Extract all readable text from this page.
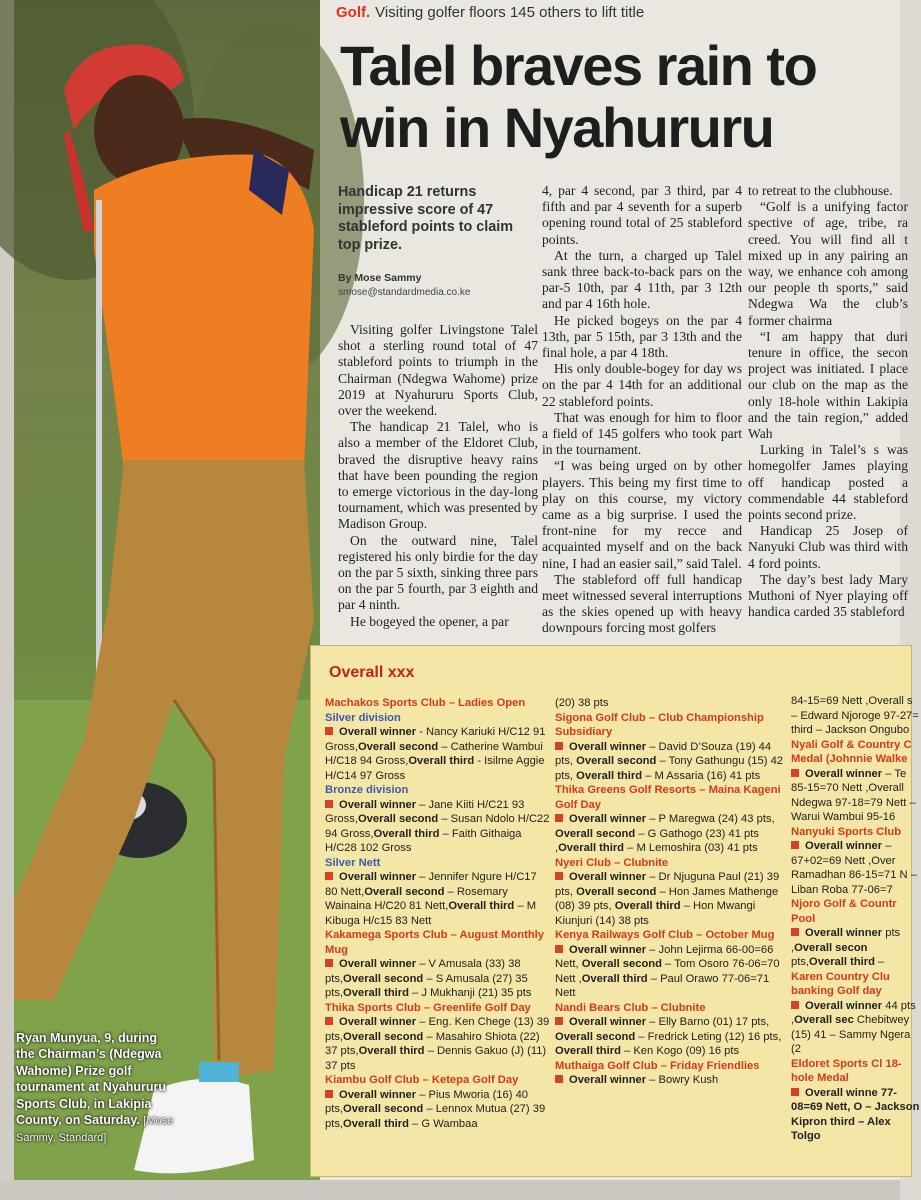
Ryan Munyua, 9, during the Chairman’s (Ndegwa Wahome) Prize golf tournament at Nyahururu Sports Club, in Lakipia County, on Saturday. [Mose Sammy, Standard]
Golf. Visiting golfer floors 145 others to lift title
Talel braves rain to
win in Nyahururu
Handicap 21 returns impressive score of 47 stableford points to claim top prize.
By Mose Sammy
smose@standardmedia.co.ke

Visiting golfer Livingstone Talel shot a sterling round total of 47 stableford points to triumph in the Chairman (Ndegwa Wahome) prize 2019 at Nyahururu Sports Club, over the weekend.

The handicap 21 Talel, who is also a member of the Eldoret Club, braved the disruptive heavy rains that have been pounding the region to emerge victorious in the day-long tournament, which was presented by Madison Group.

On the outward nine, Talel registered his only birdie for the day on the par 5 sixth, sinking three pars on the par 5 fourth, par 3 eighth and par 4 ninth.

He bogeyed the opener, a par

4, par 4 second, par 3 third, par 4 fifth and par 4 seventh for a superb opening round total of 25 stableford points.

At the turn, a charged up Talel sank three back-to-back pars on the par-5 10th, par 4 11th, par 3 12th and par 4 16th hole.

He picked bogeys on the par 4 13th, par 5 15th, par 3 13th and the final hole, a par 4 18th.

His only double-bogey for day ws on the par 4 14th for an additional 22 stableford points.

That was enough for him to floor a field of 145 golfers who took part in the tournament.

“I was being urged on by other players. This being my first time to play on this course, my victory came as a big surprise. I used the front-nine for my recce and acquainted myself and on the back nine, I had an easier sail,” said Talel.

The stableford off full handicap meet witnessed several interruptions as the skies opened up with heavy downpours forcing most golfers

to retreat to the clubhouse.

“Golf is a unifying factor spective of age, tribe, ra creed. You will find all t mixed up in any pairing an way, we enhance coh among our people th sports,” said Ndegwa Wa the club’s former chairma

“I am happy that duri tenure in office, the secon project was initiated. I place our club on the map as the only 18-hole within Lakipia and the tain region,” added Wah

Lurking in Talel’s s was homegolfer James playing off handicap posted a commendable 44 stableford points second prize.

Handicap 25 Josep of Nanyuki Club was third with 4 ford points.

The day’s best lady Mary Muthoni of Nyer playing off handica carded 35 stableford

Overall xxx
Machakos Sports Club – Ladies Open
Silver division
Overall winner - Nancy Kariuki H/C12 91 Gross,Overall second – Catherine Wambui H/C18 94 Gross,Overall third - Isilme Aggie H/C14 97 Gross
Bronze division
Overall winner – Jane Kiiti H/C21 93 Gross,Overall second – Susan Ndolo H/C22 94 Gross,Overall third – Faith Githaiga H/C28 102 Gross
Silver Nett
Overall winner – Jennifer Ngure H/C17 80 Nett,Overall second – Rosemary Wainaina H/C20 81 Nett,Overall third – M Kibuga H/c15 83 Nett
Kakamega Sports Club – August Monthly Mug
Overall winner – V Amusala (33) 38 pts,Overall second – S Amusala (27) 35 pts,Overall third – J Mukhanji (21) 35 pts
Thika Sports Club – Greenlife Golf Day
Overall winner – Eng. Ken Chege (13) 39 pts,Overall second – Masahiro Shiota (22) 37 pts,Overall third – Dennis Gakuo (J) (11) 37 pts
Kiambu Golf Club – Ketepa Golf Day
Overall winner – Pius Mworia (16) 40 pts,Overall second – Lennox Mutua (27) 39 pts,Overall third – G Wambaa
(20) 38 pts
Sigona Golf Club – Club Championship Subsidiary
Overall winner – David D’Souza (19) 44 pts, Overall second – Tony Gathungu (15) 42 pts, Overall third – M Assaria (16) 41 pts
Thika Greens Golf Resorts – Maina Kageni Golf Day
Overall winner – P Maregwa (24) 43 pts, Overall second – G Gathogo (23) 41 pts ,Overall third – M Lemoshira (03) 41 pts
Nyeri Club – Clubnite
Overall winner – Dr Njuguna Paul (21) 39 pts, Overall second – Hon James Mathenge (08) 39 pts, Overall third – Hon Mwangi Kiunjuri (14) 38 pts
Kenya Railways Golf Club – October Mug
Overall winner – John Lejirma 66-00=66 Nett, Overall second – Tom Osoro 76-06=70 Nett ,Overall third – Paul Orawo 77-06=71 Nett
Nandi Bears Club – Clubnite
Overall winner – Elly Barno (01) 17 pts, Overall second – Fredrick Leting (12) 16 pts, Overall third – Ken Kogo (09) 16 pts
Muthaiga Golf Club – Friday Friendlies
Overall winner – Bowry Kush
84-15=69 Nett ,Overall s – Edward Njoroge 97-27= third – Jackson Ongubo
Nyali Golf & Country C Medal (Johnnie Walke
Overall winner – Te 85-15=70 Nett ,Overall Ndegwa 97-18=79 Nett – Warui Wambui 95-16
Nanyuki Sports Club
Overall winner – 67+02=69 Nett ,Over Ramadhan 86-15=71 N – Liban Roba 77-06=7
Njoro Golf & Countr Pool
Overall winner pts ,Overall secon pts,Overall third –
Karen Country Clu banking Golf day
Overall winner 44 pts ,Overall sec Chebitwey (15) 41 – Sammy Ngera (2
Eldoret Sports Cl 18-hole Medal
Overall winne 77-08=69 Nett, O – Jackson Kipron third – Alex Tolgo
